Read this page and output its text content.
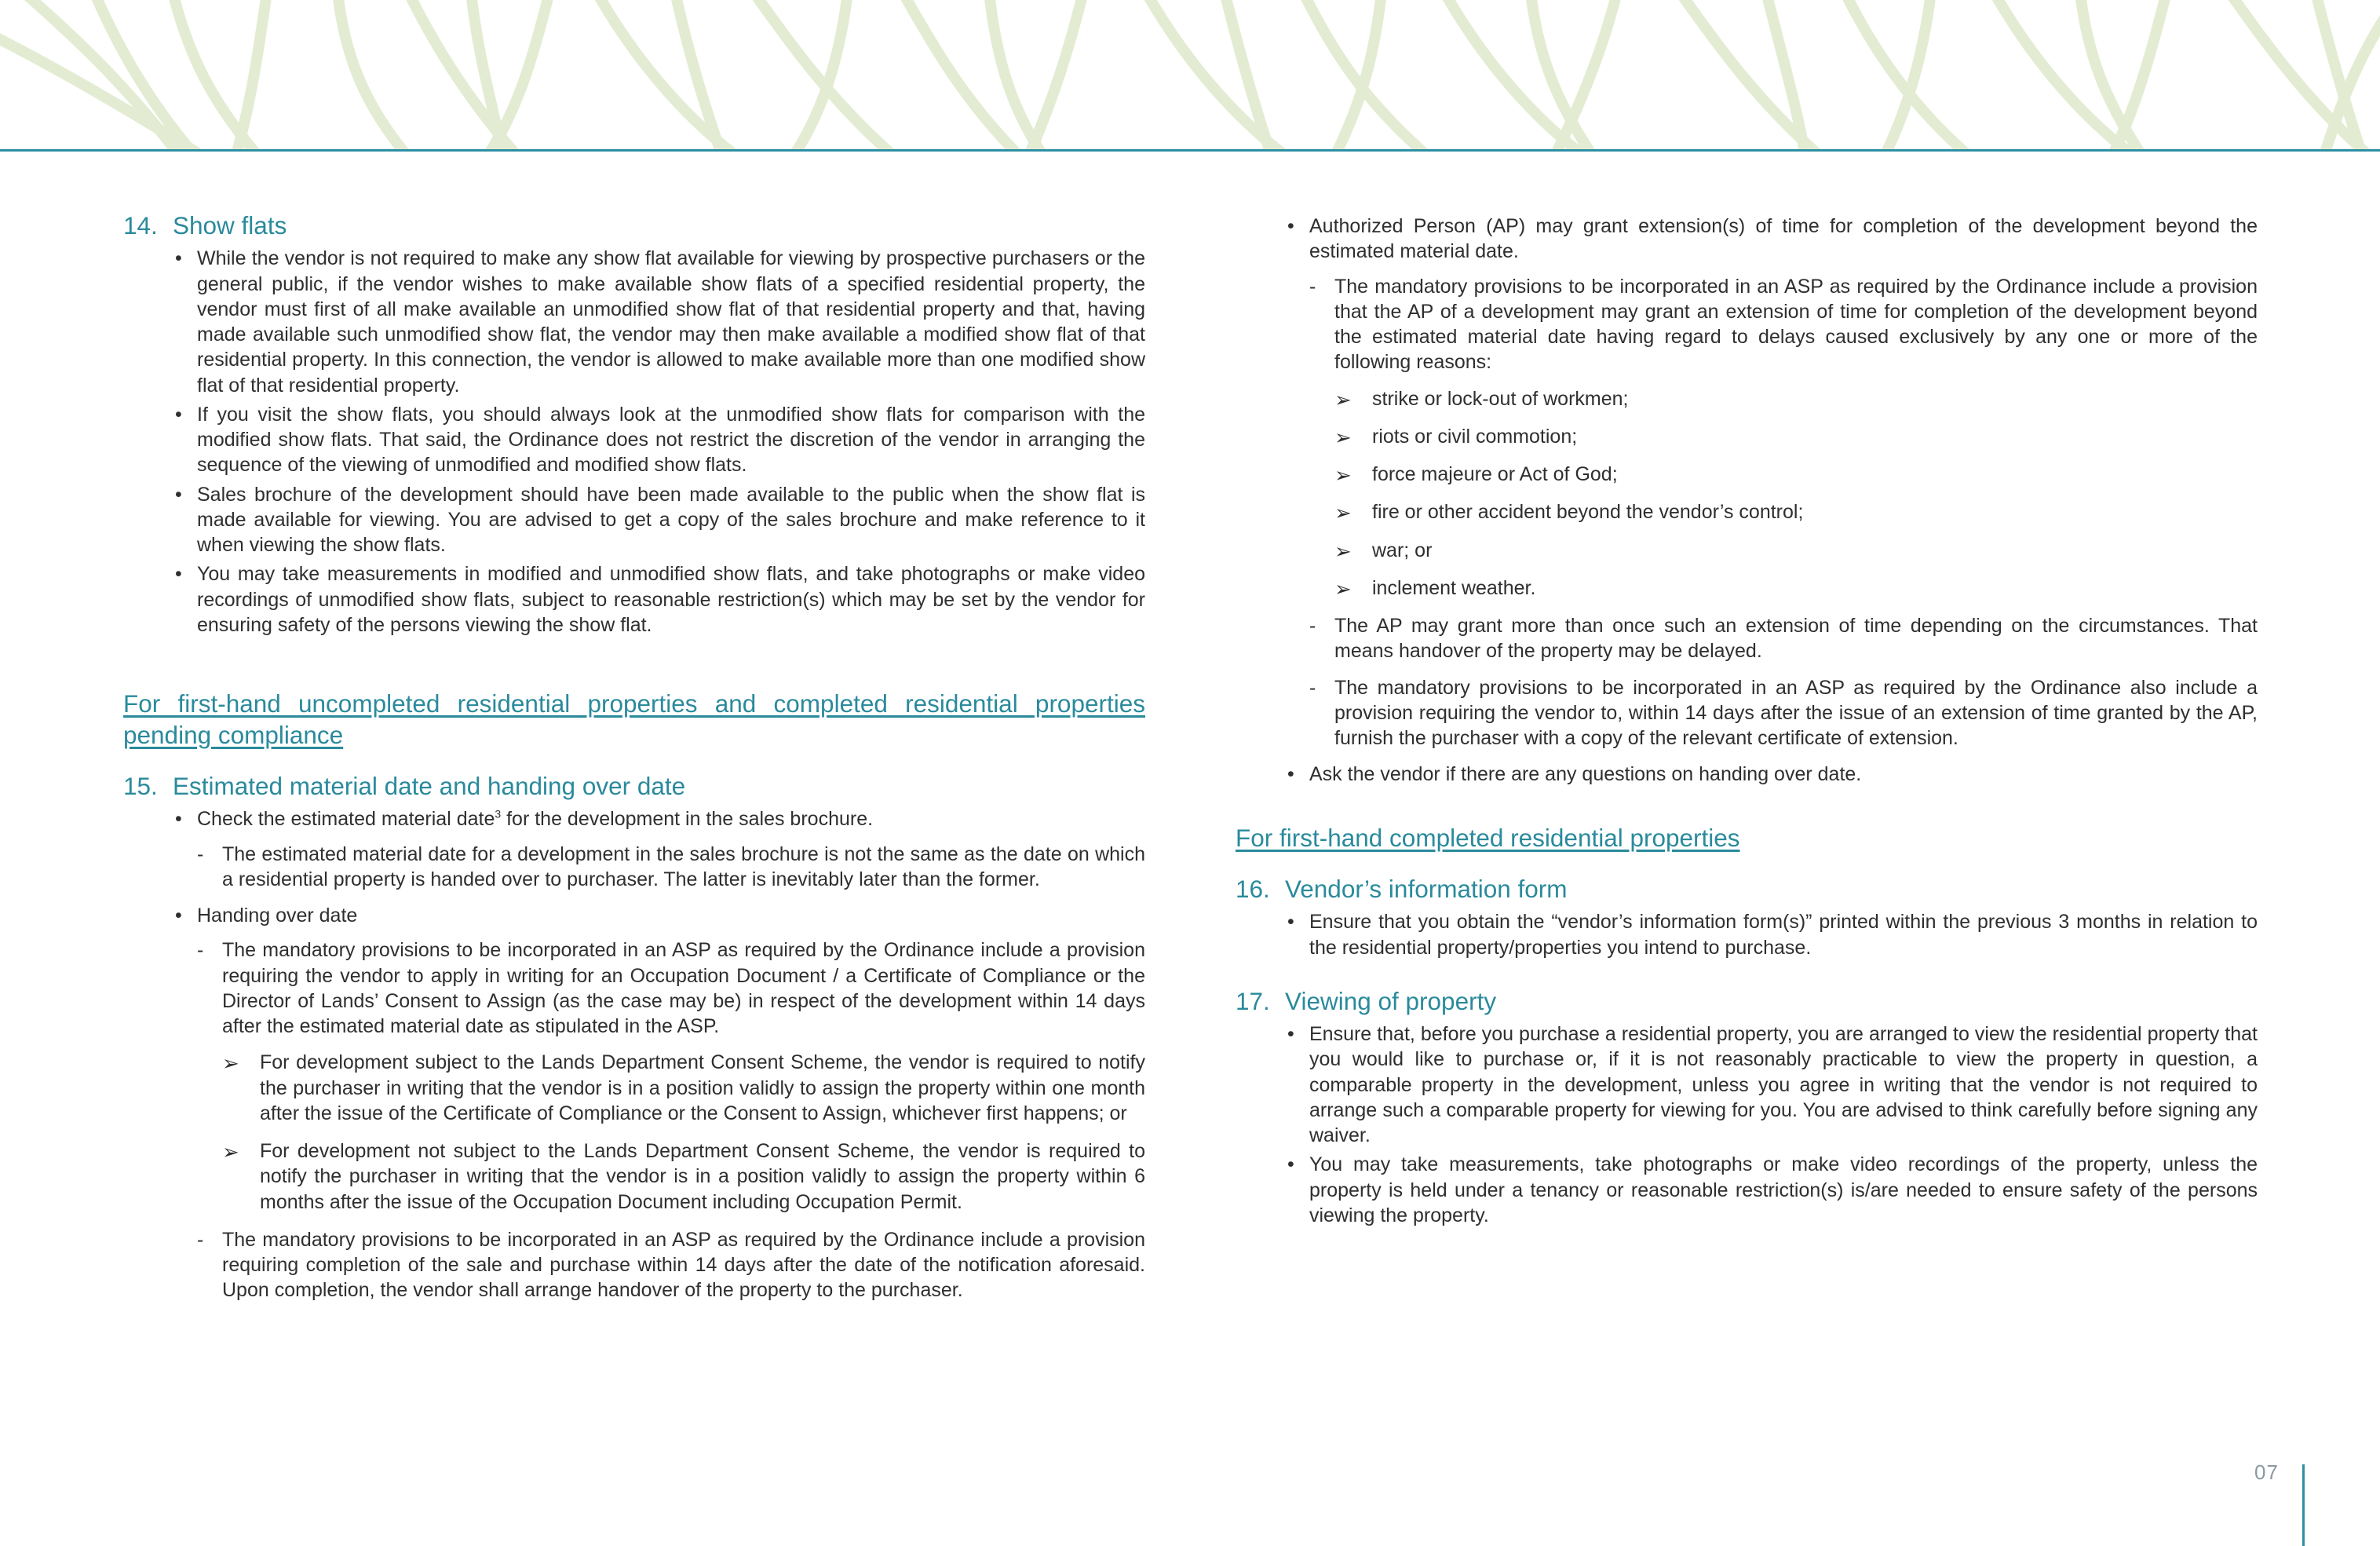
14. Show flats
• While the vendor is not required to make any show flat available for viewing by prospective purchasers or the general public, if the vendor wishes to make available show flats of a specified residential property, the vendor must first of all make available an unmodified show flat of that residential property and that, having made available such unmodified show flat, the vendor may then make available a modified show flat of that residential property. In this connection, the vendor is allowed to make available more than one modified show flat of that residential property.
• If you visit the show flats, you should always look at the unmodified show flats for comparison with the modified show flats. That said, the Ordinance does not restrict the discretion of the vendor in arranging the sequence of the viewing of unmodified and modified show flats.
• Sales brochure of the development should have been made available to the public when the show flat is made available for viewing. You are advised to get a copy of the sales brochure and make reference to it when viewing the show flats.
• You may take measurements in modified and unmodified show flats, and take photographs or make video recordings of unmodified show flats, subject to reasonable restriction(s) which may be set by the vendor for ensuring safety of the persons viewing the show flat.
For first-hand uncompleted residential properties and completed residential properties pending compliance
15. Estimated material date and handing over date
• Check the estimated material date$^3$ for the development in the sales brochure.
- The estimated material date for a development in the sales brochure is not the same as the date on which a residential property is handed over to purchaser. The latter is inevitably later than the former.
• Handing over date
- The mandatory provisions to be incorporated in an ASP as required by the Ordinance include a provision requiring the vendor to apply in writing for an Occupation Document / a Certificate of Compliance or the Director of Lands’ Consent to Assign (as the case may be) in respect of the development within 14 days after the estimated material date as stipulated in the ASP.
➢ For development subject to the Lands Department Consent Scheme, the vendor is required to notify the purchaser in writing that the vendor is in a position validly to assign the property within one month after the issue of the Certificate of Compliance or the Consent to Assign, whichever first happens; or
➢ For development not subject to the Lands Department Consent Scheme, the vendor is required to notify the purchaser in writing that the vendor is in a position validly to assign the property within 6 months after the issue of the Occupation Document including Occupation Permit.
- The mandatory provisions to be incorporated in an ASP as required by the Ordinance include a provision requiring completion of the sale and purchase within 14 days after the date of the notification aforesaid. Upon completion, the vendor shall arrange handover of the property to the purchaser.
• Authorized Person (AP) may grant extension(s) of time for completion of the development beyond the estimated material date.
- The mandatory provisions to be incorporated in an ASP as required by the Ordinance include a provision that the AP of a development may grant an extension of time for completion of the development beyond the estimated material date having regard to delays caused exclusively by any one or more of the following reasons:
➢ strike or lock-out of workmen;
➢ riots or civil commotion;
➢ force majeure or Act of God;
➢ fire or other accident beyond the vendor’s control;
➢ war; or
➢ inclement weather.
- The AP may grant more than once such an extension of time depending on the circumstances. That means handover of the property may be delayed.
- The mandatory provisions to be incorporated in an ASP as required by the Ordinance also include a provision requiring the vendor to, within 14 days after the issue of an extension of time granted by the AP, furnish the purchaser with a copy of the relevant certificate of extension.
• Ask the vendor if there are any questions on handing over date.
For first-hand completed residential properties
16. Vendor’s information form
• Ensure that you obtain the “vendor’s information form(s)” printed within the previous 3 months in relation to the residential property/properties you intend to purchase.
17. Viewing of property
• Ensure that, before you purchase a residential property, you are arranged to view the residential property that you would like to purchase or, if it is not reasonably practicable to view the property in question, a comparable property in the development, unless you agree in writing that the vendor is not required to arrange such a comparable property for viewing for you. You are advised to think carefully before signing any waiver.
• You may take measurements, take photographs or make video recordings of the property, unless the property is held under a tenancy or reasonable restriction(s) is/are needed to ensure safety of the persons viewing the property.
07
